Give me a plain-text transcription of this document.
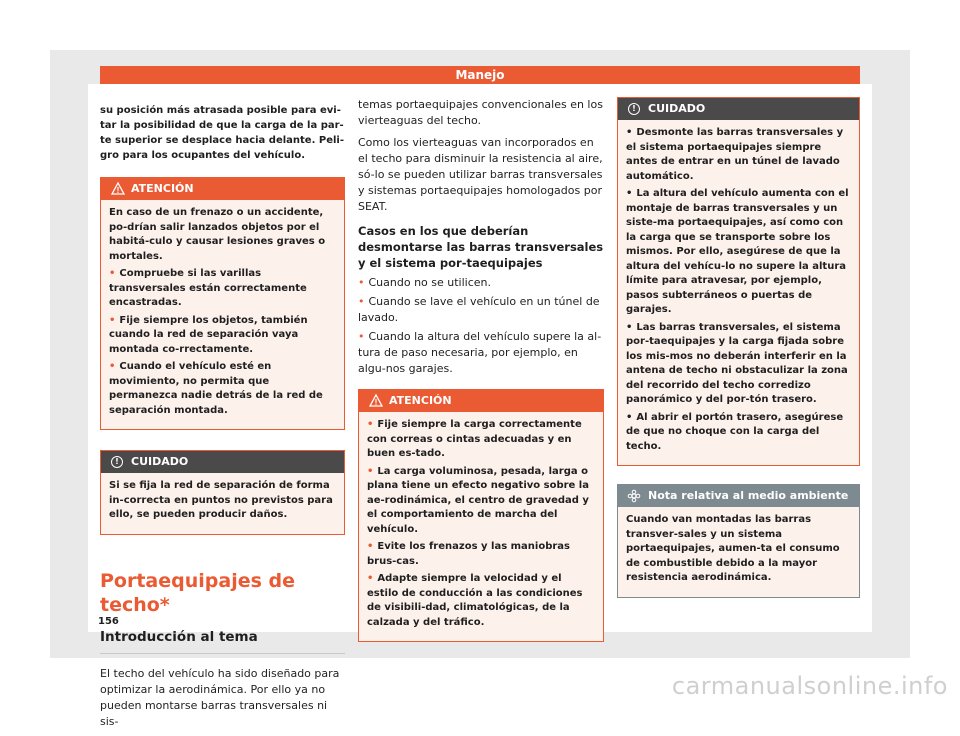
Manejo

su posición más atrasada posible para evi-tar la posibilidad de que la carga de la par-te superior se desplace hacia delante. Peli-gro para los ocupantes del vehículo.

ATENCIÓN

En caso de un frenazo o un accidente, po-drían salir lanzados objetos por el habitá-culo y causar lesiones graves o mortales.

• Compruebe si las varillas transversales están correctamente encastradas.

• Fije siempre los objetos, también cuando la red de separación vaya montada co-rrectamente.

• Cuando el vehículo esté en movimiento, no permita que permanezca nadie detrás de la red de separación montada.

!	CUIDADO

Si se fija la red de separación de forma in-correcta en puntos no previstos para ello, se pueden producir daños.

Portaequipajes de techo*
Introducción al tema

El techo del vehículo ha sido diseñado para optimizar la aerodinámica. Por ello ya no pueden montarse barras transversales ni sis-

temas portaequipajes convencionales en los vierteaguas del techo.

Como los vierteaguas van incorporados en el techo para disminuir la resistencia al aire, só-lo se pueden utilizar barras transversales y sistemas portaequipajes homologados por SEAT.

Casos en los que deberían desmontarse las barras transversales y el sistema por-taequipajes

• Cuando no se utilicen.

• Cuando se lave el vehículo en un túnel de lavado.

• Cuando la altura del vehículo supere la al-tura de paso necesaria, por ejemplo, en algu-nos garajes.

ATENCIÓN

• Fije siempre la carga correctamente con correas o cintas adecuadas y en buen es-tado.

• La carga voluminosa, pesada, larga o plana tiene un efecto negativo sobre la ae-rodinámica, el centro de gravedad y el comportamiento de marcha del vehículo.

• Evite los frenazos y las maniobras brus-cas.

• Adapte siempre la velocidad y el estilo de conducción a las condiciones de visibili-dad, climatológicas, de la calzada y del tráfico.

!	CUIDADO

• Desmonte las barras transversales y el sistema portaequipajes siempre antes de entrar en un túnel de lavado automático.

• La altura del vehículo aumenta con el montaje de barras transversales y un siste-ma portaequipajes, así como con la carga que se transporte sobre los mismos. Por ello, asegúrese de que la altura del vehícu-lo no supere la altura límite para atravesar, por ejemplo, pasos subterráneos o puertas de garajes.

• Las barras transversales, el sistema por-taequipajes y la carga fijada sobre los mis-mos no deberán interferir en la antena de techo ni obstaculizar la zona del recorrido del techo corredizo panorámico y del por-tón trasero.

• Al abrir el portón trasero, asegúrese de que no choque con la carga del techo.

Nota relativa al medio ambiente

Cuando van montadas las barras transver-sales y un sistema portaequipajes, aumen-ta el consumo de combustible debido a la mayor resistencia aerodinámica.

156
carmanualsonline.info
